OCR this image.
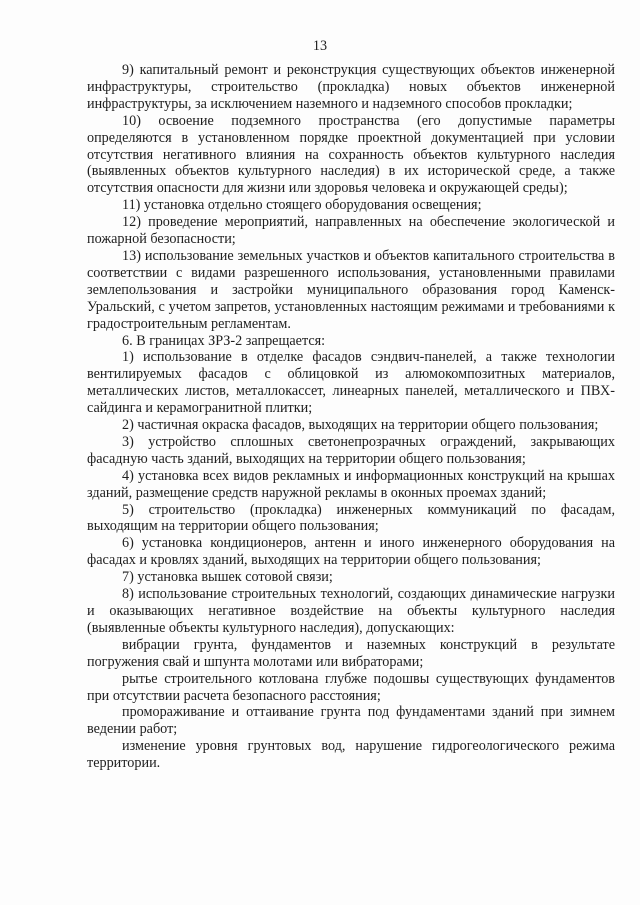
13

9) капитальный ремонт и реконструкция существующих объектов инженерной инфраструктуры, строительство (прокладка) новых объектов инженерной инфраструктуры, за исключением наземного и надземного способов прокладки;

10) освоение подземного пространства (его допустимые параметры определяются в установленном порядке проектной документацией при условии отсутствия негативного влияния на сохранность объектов культурного наследия (выявленных объектов культурного наследия) в их исторической среде, а также отсутствия опасности для жизни или здоровья человека и окружающей среды);

11) установка отдельно стоящего оборудования освещения;

12) проведение мероприятий, направленных на обеспечение экологической и пожарной безопасности;

13) использование земельных участков и объектов капитального строительства в соответствии с видами разрешенного использования, установленными правилами землепользования и застройки муниципального образования город Каменск-Уральский, с учетом запретов, установленных настоящим режимами и требованиями к градостроительным регламентам.

6. В границах ЗРЗ-2 запрещается:

1) использование в отделке фасадов сэндвич-панелей, а также технологии вентилируемых фасадов с облицовкой из алюмокомпозитных материалов, металлических листов, металлокассет, линеарных панелей, металлического и ПВХ-сайдинга и керамогранитной плитки;

2) частичная окраска фасадов, выходящих на территории общего пользования;

3) устройство сплошных светонепрозрачных ограждений, закрывающих фасадную часть зданий, выходящих на территории общего пользования;

4) установка всех видов рекламных и информационных конструкций на крышах зданий, размещение средств наружной рекламы в оконных проемах зданий;

5) строительство (прокладка) инженерных коммуникаций по фасадам, выходящим на территории общего пользования;

6) установка кондиционеров, антенн и иного инженерного оборудования на фасадах и кровлях зданий, выходящих на территории общего пользования;

7) установка вышек сотовой связи;

8) использование строительных технологий, создающих динамические нагрузки и оказывающих негативное воздействие на объекты культурного наследия (выявленные объекты культурного наследия), допускающих:

вибрации грунта, фундаментов и наземных конструкций в результате погружения свай и шпунта молотами или вибраторами;

рытье строительного котлована глубже подошвы существующих фундаментов при отсутствии расчета безопасного расстояния;

промораживание и оттаивание грунта под фундаментами зданий при зимнем ведении работ;

изменение уровня грунтовых вод, нарушение гидрогеологического режима территории.
